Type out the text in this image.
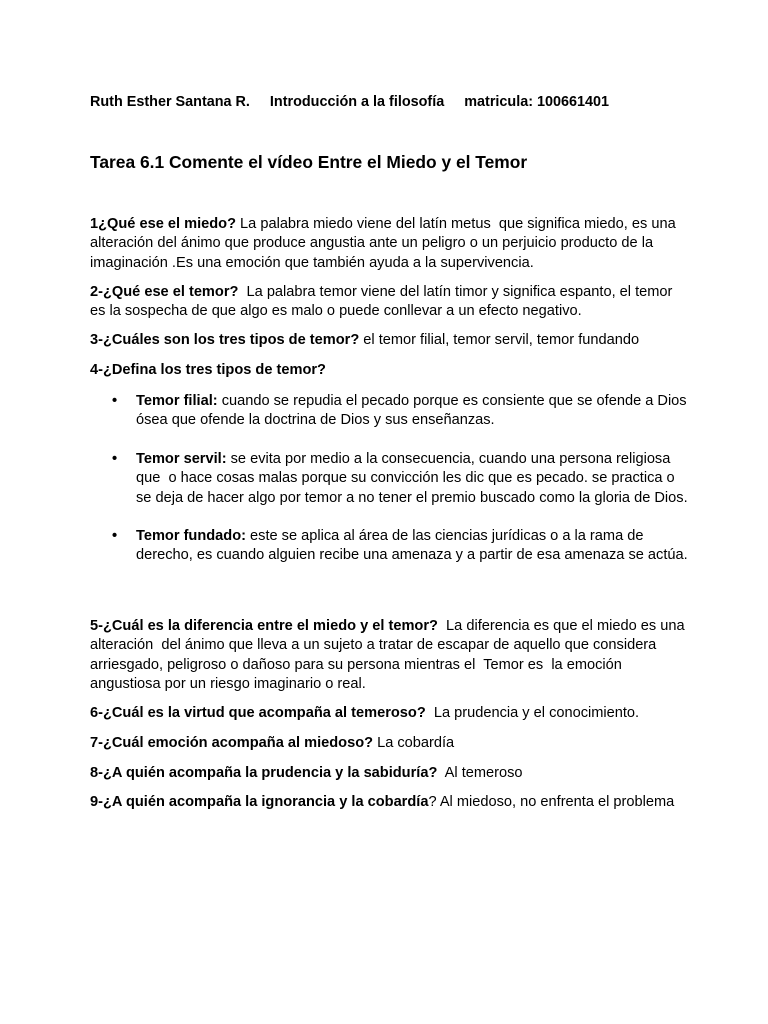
Ruth Esther Santana R. Introducción a la filosofía matricula: 100661401
Tarea 6.1 Comente el vídeo Entre el Miedo y el Temor

1¿Qué ese el miedo? La palabra miedo viene del latín metus  que significa miedo, es una alteración del ánimo que produce angustia ante un peligro o un perjuicio producto de la imaginación .Es una emoción que también ayuda a la supervivencia.

2-¿Qué ese el temor?  La palabra temor viene del latín timor y significa espanto, el temor es la sospecha de que algo es malo o puede conllevar a un efecto negativo.

3-¿Cuáles son los tres tipos de temor? el temor filial, temor servil, temor fundando

4-¿Defina los tres tipos de temor?

• Temor filial: cuando se repudia el pecado porque es consiente que se ofende a Dios ósea que ofende la doctrina de Dios y sus enseñanzas.
• Temor servil: se evita por medio a la consecuencia, cuando una persona religiosa que  o hace cosas malas porque su convicción les dic que es pecado. se practica o se deja de hacer algo por temor a no tener el premio buscado como la gloria de Dios.
• Temor fundado: este se aplica al área de las ciencias jurídicas o a la rama de derecho, es cuando alguien recibe una amenaza y a partir de esa amenaza se actúa.

5-¿Cuál es la diferencia entre el miedo y el temor?  La diferencia es que el miedo es una alteración  del ánimo que lleva a un sujeto a tratar de escapar de aquello que considera arriesgado, peligroso o dañoso para su persona mientras el  Temor es  la emoción angustiosa por un riesgo imaginario o real.

6-¿Cuál es la virtud que acompaña al temeroso?  La prudencia y el conocimiento.

7-¿Cuál emoción acompaña al miedoso? La cobardía

8-¿A quién acompaña la prudencia y la sabiduría?  Al temeroso

9-¿A quién acompaña la ignorancia y la cobardía? Al miedoso, no enfrenta el problema
